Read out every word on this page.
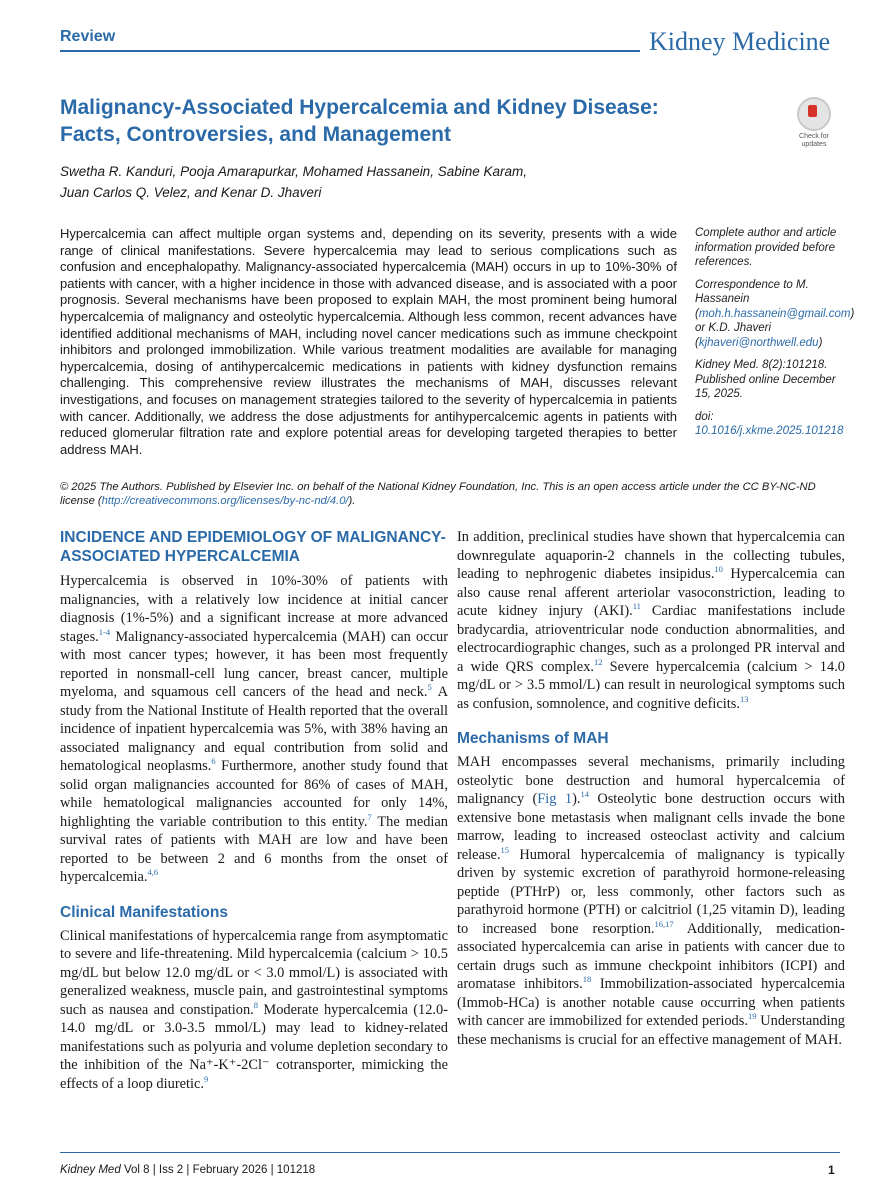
Review	Kidney Medicine
Malignancy-Associated Hypercalcemia and Kidney Disease: Facts, Controversies, and Management	Check for updates
Swetha R. Kanduri, Pooja Amarapurkar, Mohamed Hassanein, Sabine Karam,
Juan Carlos Q. Velez, and Kenar D. Jhaveri
Hypercalcemia can affect multiple organ systems and, depending on its severity, presents with a wide range of clinical manifestations. Severe hypercalcemia may lead to serious complications such as confusion and encephalopathy. Malignancy-associated hypercalcemia (MAH) occurs in up to 10%-30% of patients with cancer, with a higher incidence in those with advanced disease, and is associated with a poor prognosis. Several mechanisms have been proposed to explain MAH, the most prominent being humoral hypercalcemia of malignancy and osteolytic hypercalcemia. Although less common, recent advances have identified additional mechanisms of MAH, including novel cancer medications such as immune checkpoint inhibitors and prolonged immobilization. While various treatment modalities are available for managing hypercalcemia, dosing of antihypercalcemic medications in patients with kidney dysfunction remains challenging. This comprehensive review illustrates the mechanisms of MAH, discusses relevant investigations, and focuses on management strategies tailored to the severity of hypercalcemia in patients with cancer. Additionally, we address the dose adjustments for antihypercalcemic agents in patients with reduced glomerular filtration rate and explore potential areas for developing targeted therapies to better address MAH.

Complete author and article information provided before references.

Correspondence to M. Hassanein (moh.h.hassanein@gmail.com) or K.D. Jhaveri (kjhaveri@northwell.edu)

Kidney Med. 8(2):101218. Published online December 15, 2025.

doi: 10.1016/j.xkme.2025.101218

© 2025 The Authors. Published by Elsevier Inc. on behalf of the National Kidney Foundation, Inc. This is an open access article under the CC BY-NC-ND license (http://creativecommons.org/licenses/by-nc-nd/4.0/).
INCIDENCE AND EPIDEMIOLOGY OF MALIGNANCY-ASSOCIATED HYPERCALCEMIA

Hypercalcemia is observed in 10%-30% of patients with malignancies, with a relatively low incidence at initial cancer diagnosis (1%-5%) and a significant increase at more advanced stages.$^{1-4}$ Malignancy-associated hypercalcemia (MAH) can occur with most cancer types; however, it has been most frequently reported in nonsmall-cell lung cancer, breast cancer, multiple myeloma, and squamous cell cancers of the head and neck.$^5$ A study from the National Institute of Health reported that the overall incidence of inpatient hypercalcemia was 5%, with 38% having an associated malignancy and equal contribution from solid and hematological neoplasms.$^6$ Furthermore, another study found that solid organ malignancies accounted for 86% of cases of MAH, while hematological malignancies accounted for only 14%, highlighting the variable contribution to this entity.$^7$ The median survival rates of patients with MAH are low and have been reported to be between 2 and 6 months from the onset of hypercalcemia.$^{4,6}$

Clinical Manifestations

Clinical manifestations of hypercalcemia range from asymptomatic to severe and life-threatening. Mild hypercalcemia (calcium > 10.5 mg/dL but below 12.0 mg/dL or < 3.0 mmol/L) is associated with generalized weakness, muscle pain, and gastrointestinal symptoms such as nausea and constipation.$^8$ Moderate hypercalcemia (12.0-14.0 mg/dL or 3.0-3.5 mmol/L) may lead to kidney-related manifestations such as polyuria and volume depletion secondary to the inhibition of the Na⁺-K⁺-2Cl⁻ cotransporter, mimicking the effects of a loop diuretic.$^9$

In addition, preclinical studies have shown that hypercalcemia can downregulate aquaporin-2 channels in the collecting tubules, leading to nephrogenic diabetes insipidus.$^{10}$ Hypercalcemia can also cause renal afferent arteriolar vasoconstriction, leading to acute kidney injury (AKI).$^{11}$ Cardiac manifestations include bradycardia, atrioventricular node conduction abnormalities, and electrocardiographic changes, such as a prolonged PR interval and a wide QRS complex.$^{12}$ Severe hypercalcemia (calcium > 14.0 mg/dL or > 3.5 mmol/L) can result in neurological symptoms such as confusion, somnolence, and cognitive deficits.$^{13}$

Mechanisms of MAH

MAH encompasses several mechanisms, primarily including osteolytic bone destruction and humoral hypercalcemia of malignancy (Fig 1).$^{14}$ Osteolytic bone destruction occurs with extensive bone metastasis when malignant cells invade the bone marrow, leading to increased osteoclast activity and calcium release.$^{15}$ Humoral hypercalcemia of malignancy is typically driven by systemic excretion of parathyroid hormone-releasing peptide (PTHrP) or, less commonly, other factors such as parathyroid hormone (PTH) or calcitriol (1,25 vitamin D), leading to increased bone resorption.$^{16,17}$ Additionally, medication-associated hypercalcemia can arise in patients with cancer due to certain drugs such as immune checkpoint inhibitors (ICPI) and aromatase inhibitors.$^{18}$ Immobilization-associated hypercalcemia (Immob-HCa) is another notable cause occurring when patients with cancer are immobilized for extended periods.$^{19}$ Understanding these mechanisms is crucial for an effective management of MAH.

Kidney Med Vol 8 | Iss 2 | February 2026 | 101218	1
